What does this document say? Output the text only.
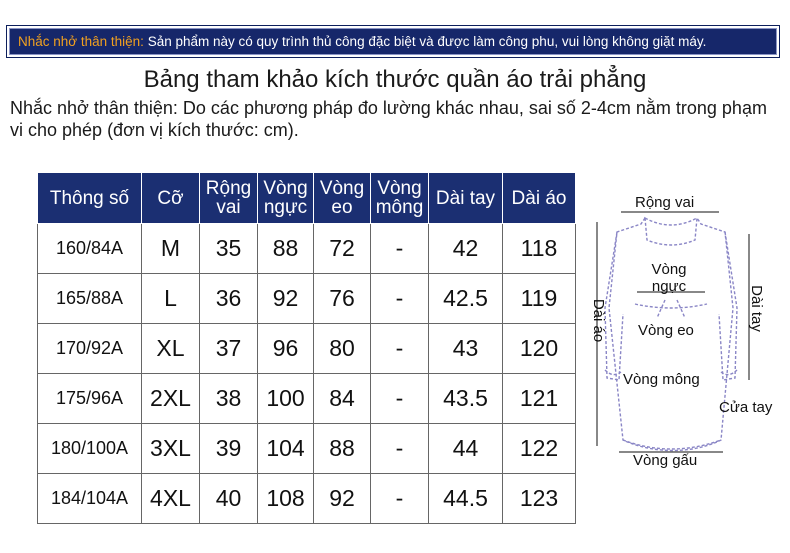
Nhắc nhở thân thiện: Sản phẩm này có quy trình thủ công đặc biệt và được làm công phu, vui lòng không giặt máy.
Bảng tham khảo kích thước quần áo trải phẳng
Nhắc nhở thân thiện: Do các phương pháp đo lường khác nhau, sai số 2-4cm nằm trong phạm vi cho phép (đơn vị kích thước: cm).
Thông số	Cỡ	Rộng vai	Vòng ngực	Vòng eo	Vòng mông	Dài tay	Dài áo
160/84A	M	35	88	72	-	42	118
165/88A	L	36	92	76	-	42.5	119
170/92A	XL	37	96	80	-	43	120
175/96A	2XL	38	100	84	-	43.5	121
180/100A	3XL	39	104	88	-	44	122
184/104A	4XL	40	108	92	-	44.5	123
Rộng vai
Vòng ngực
Vòng eo
Vòng mông
Dài áo	Dài tay
Cửa tay
Vòng gấu
